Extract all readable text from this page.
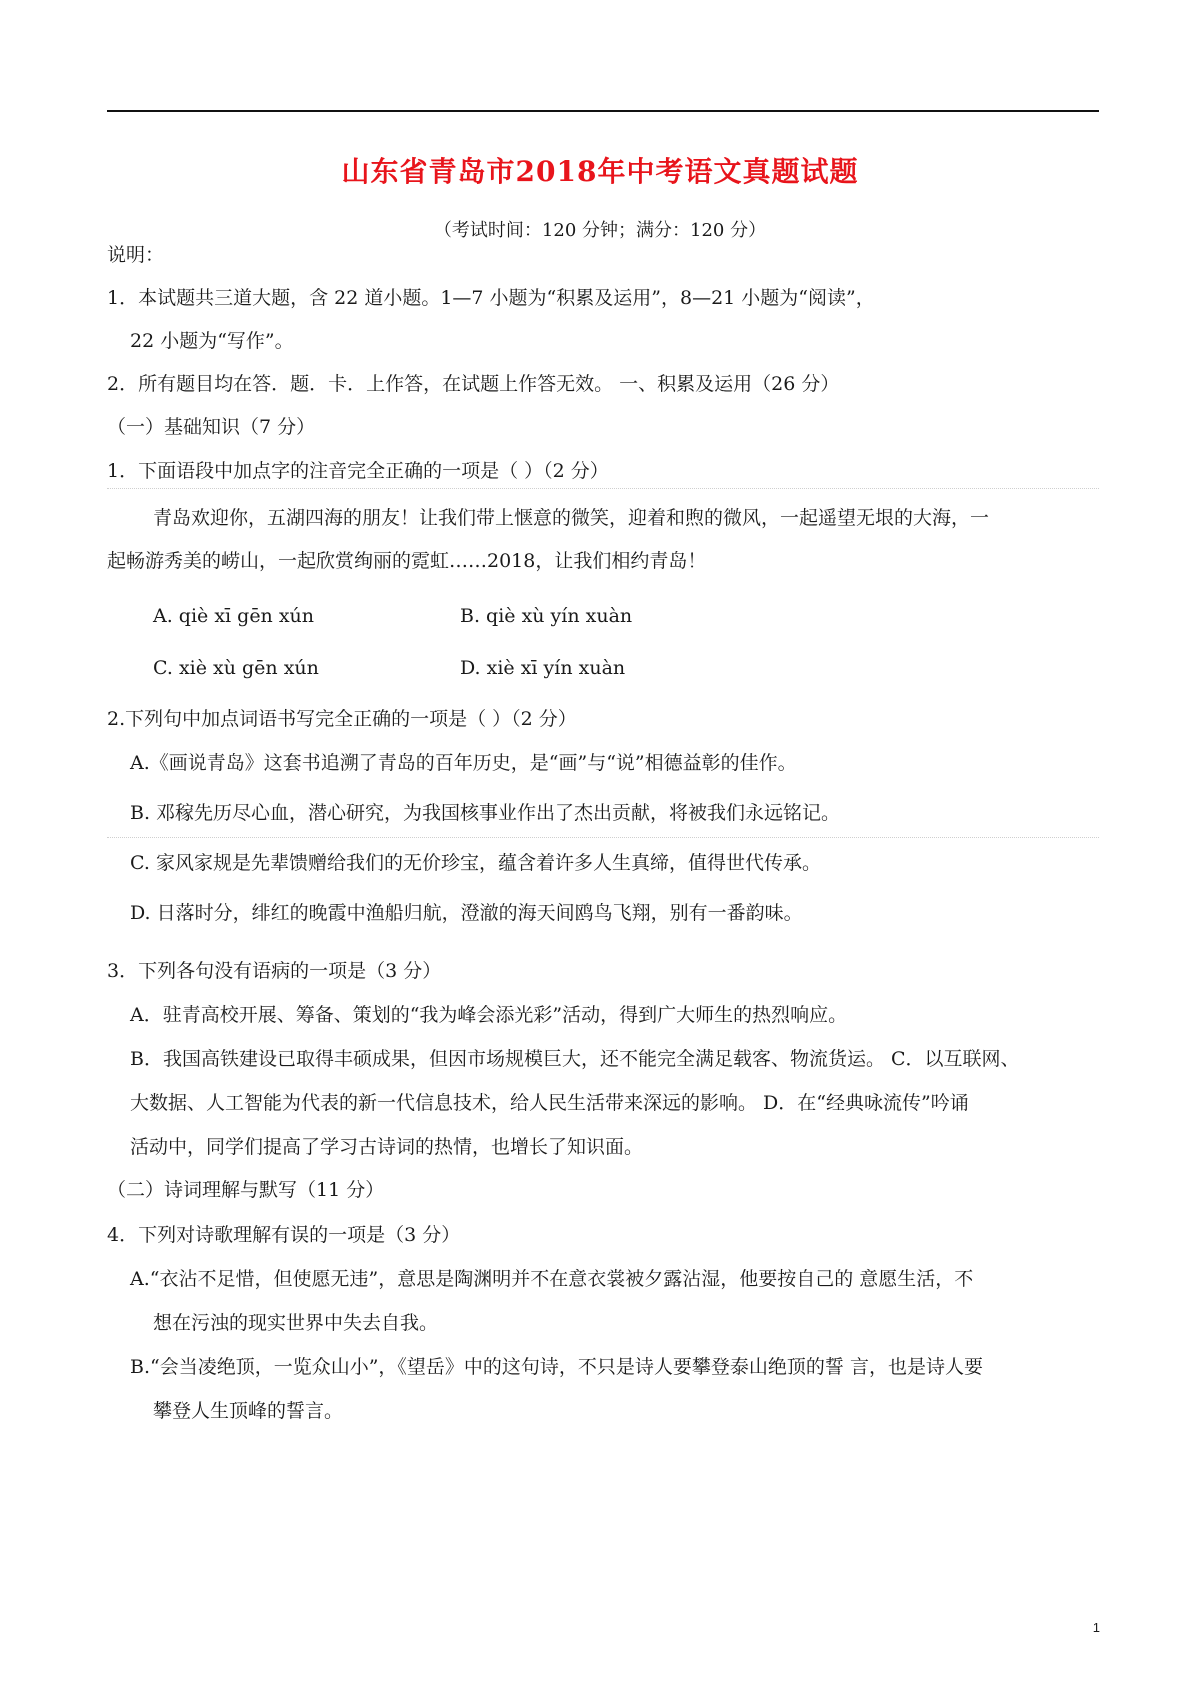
山东省青岛市2018年中考语文真题试题
（考试时间：120 分钟；满分：120 分）
说明：
1．本试题共三道大题，含 22 道小题。1—7 小题为“积累及运用”，8—21 小题为“阅读”，
22 小题为“写作”。
2．所有题目均在答．题．卡．上作答，在试题上作答无效。 一、积累及运用（26 分）
（一）基础知识（7 分）
1．下面语段中加点字的注音完全正确的一项是（ ）（2 分）
青岛欢迎你，五湖四海的朋友！让我们带上惬意的微笑，迎着和煦的微风，一起遥望无垠的大海，一
起畅游秀美的崂山，一起欣赏绚丽的霓虹……2018，让我们相约青岛！
A. qiè xī gēn xún	B. qiè xù yín xuàn
C. xiè xù gēn xún	D. xiè xī yín xuàn
2.下列句中加点词语书写完全正确的一项是（ ）（2 分）
A.《画说青岛》这套书追溯了青岛的百年历史，是“画”与“说”相德益彰的佳作。
B. 邓稼先历尽心血，潜心研究，为我国核事业作出了杰出贡献，将被我们永远铭记。
C. 家风家规是先辈馈赠给我们的无价珍宝，蕴含着许多人生真缔，值得世代传承。
D. 日落时分，绯红的晚霞中渔船归航，澄澈的海天间鸥鸟飞翔，别有一番韵味。
3．下列各句没有语病的一项是（3 分）
A．驻青高校开展、筹备、策划的“我为峰会添光彩”活动，得到广大师生的热烈响应。
B．我国高铁建设已取得丰硕成果，但因市场规模巨大，还不能完全满足载客、物流货运。 C．以互联网、
大数据、人工智能为代表的新一代信息技术，给人民生活带来深远的影响。 D．在“经典咏流传”吟诵
活动中，同学们提高了学习古诗词的热情，也增长了知识面。
（二）诗词理解与默写（11 分）
4．下列对诗歌理解有误的一项是（3 分）
A.“衣沾不足惜，但使愿无违”，意思是陶渊明并不在意衣裳被夕露沾湿，他要按自己的 意愿生活，不
想在污浊的现实世界中失去自我。
B.“会当凌绝顶，一览众山小”，《望岳》中的这句诗，不只是诗人要攀登泰山绝顶的誓 言，也是诗人要
攀登人生顶峰的誓言。
1
